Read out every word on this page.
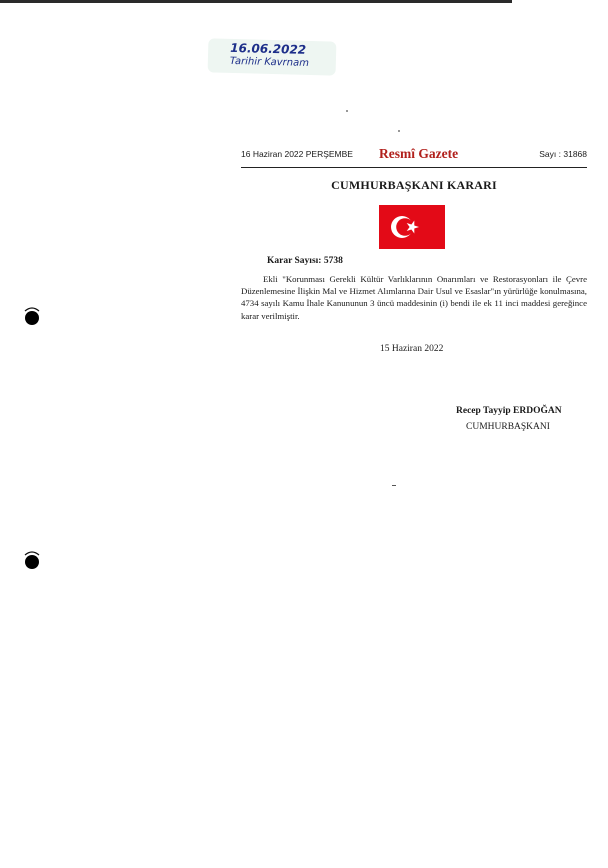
16.06.2022
Tarihir Kavrnam
16 Haziran 2022 PERŞEMBE Resmî Gazete	Sayı : 31868
CUMHURBAŞKANI KARARI
Karar Sayısı: 5738
Ekli "Korunması Gerekli Kültür Varlıklarının Onarımları ve Restorasyonları ile Çevre Düzenlemesine İlişkin Mal ve Hizmet Alımlarına Dair Usul ve Esaslar"ın yürürlüğe konulmasına, 4734 sayılı Kamu İhale Kanununun 3 üncü maddesinin (i) bendi ile ek 11 inci maddesi gereğince karar verilmiştir.
15 Haziran 2022
Recep Tayyip ERDOĞAN
CUMHURBAŞKANI
